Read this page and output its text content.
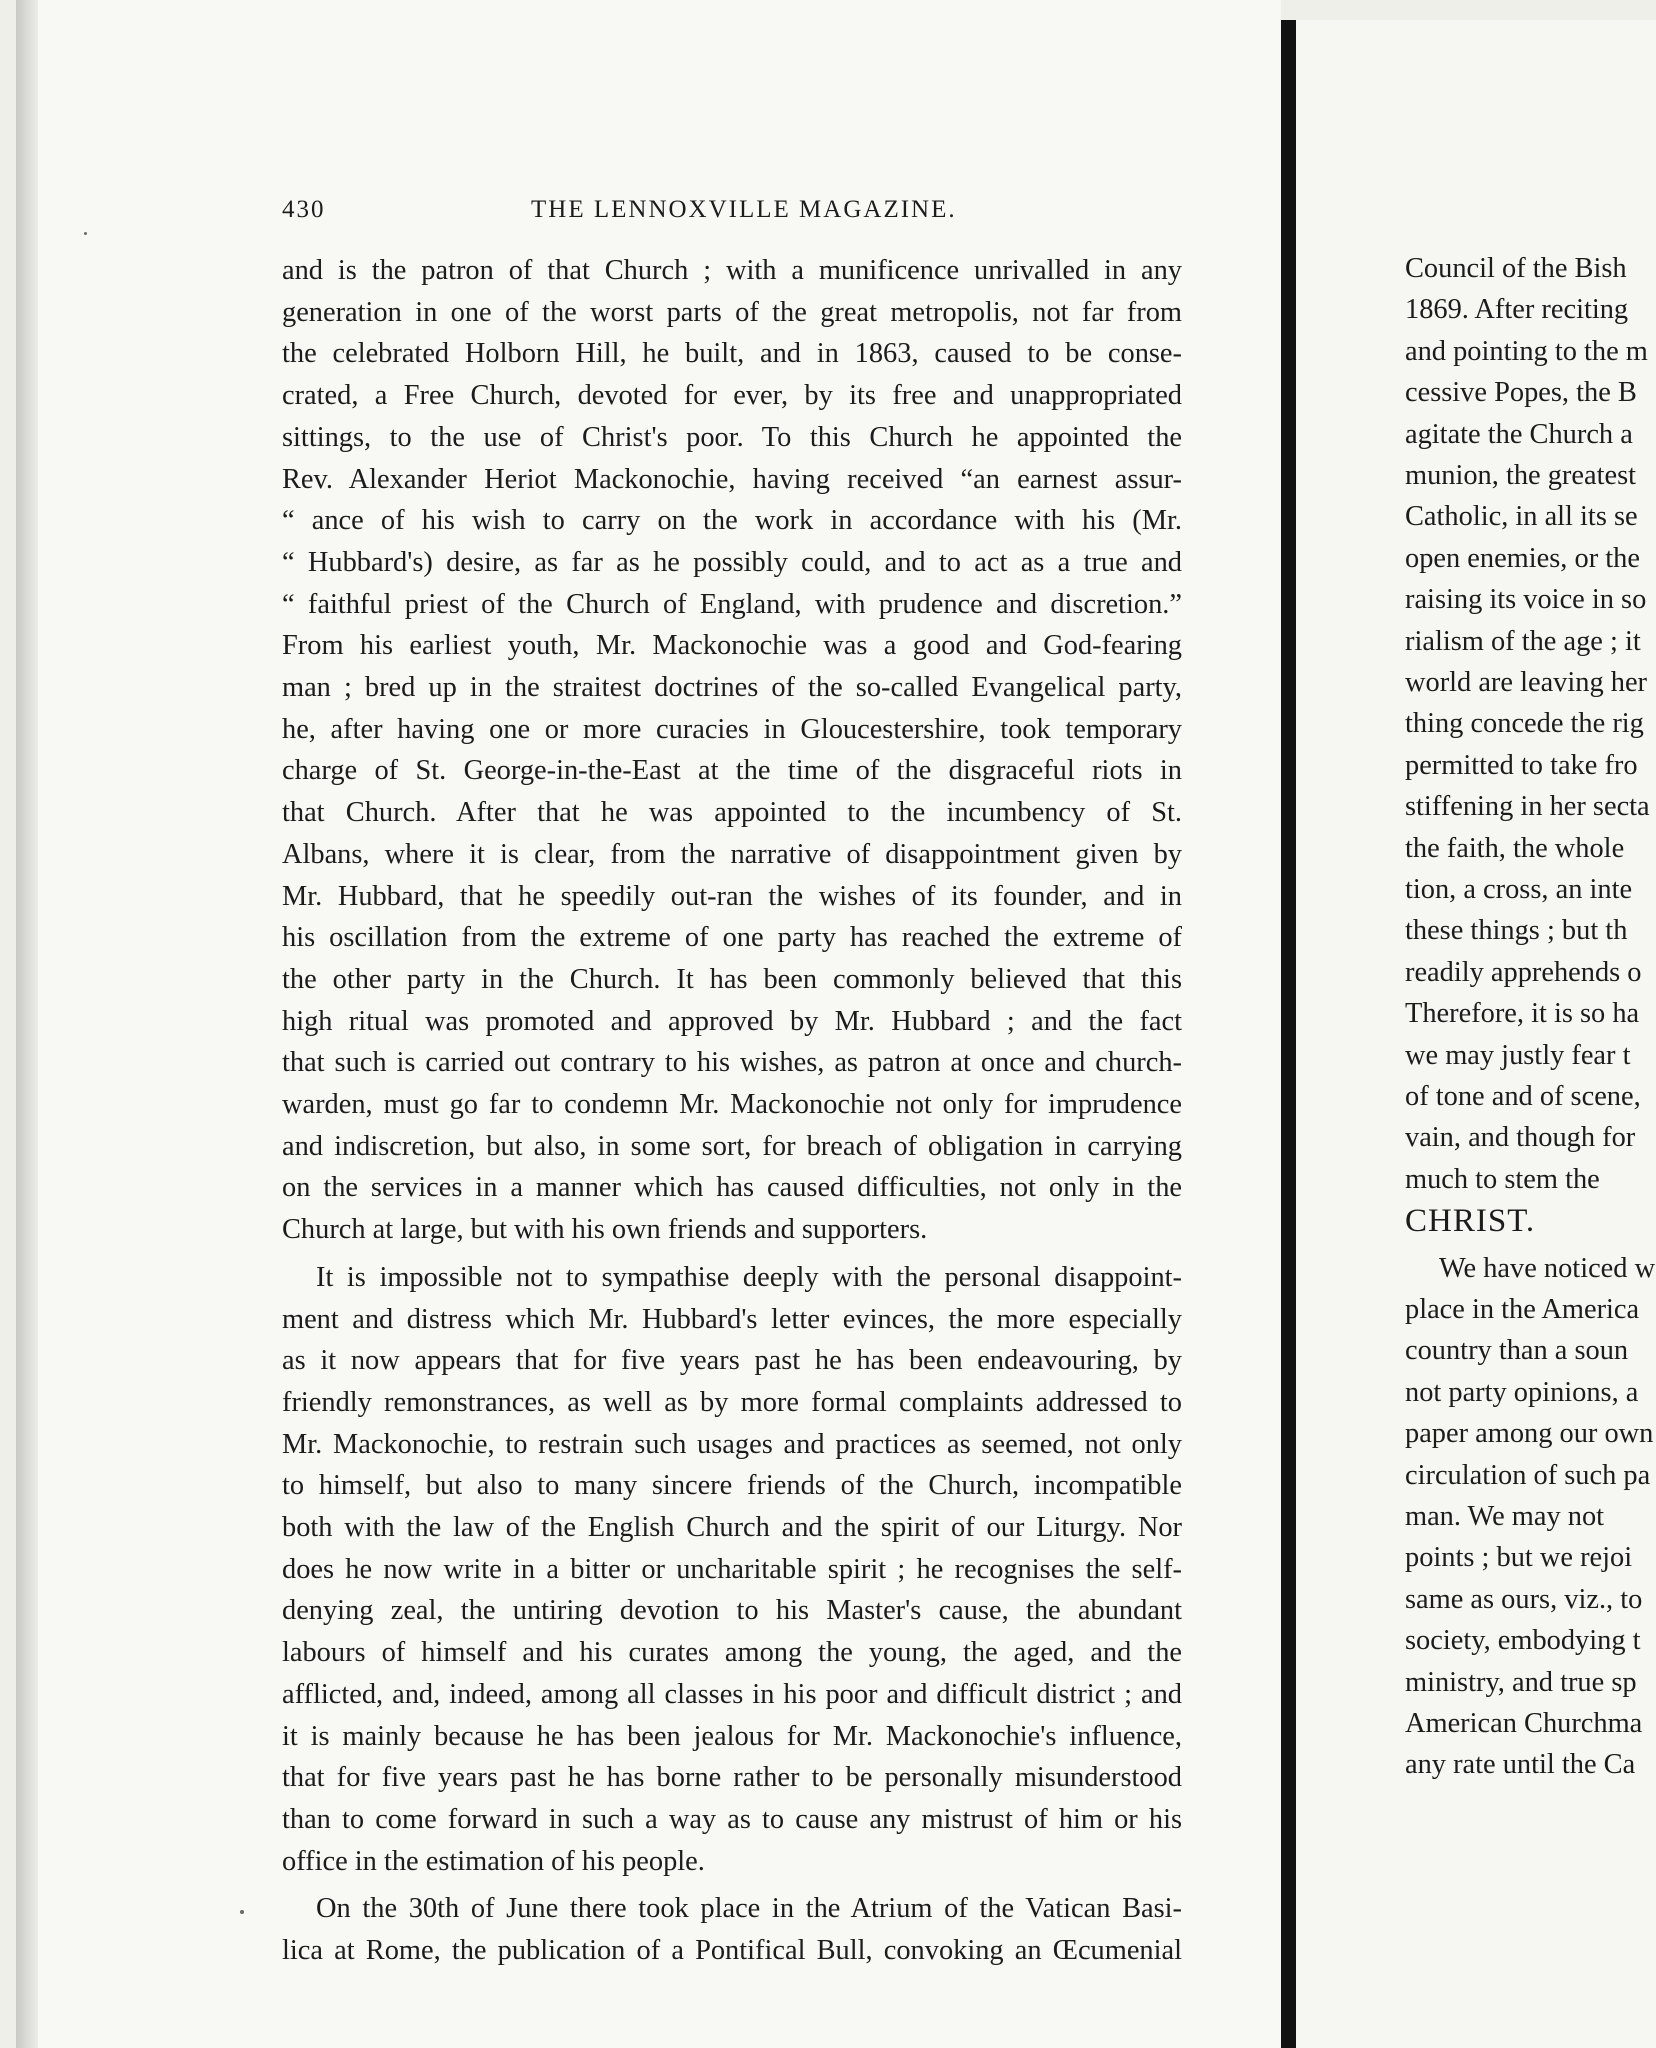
430	THE LENNOXVILLE MAGAZINE.
and is the patron of that Church ; with a munificence unrivalled in any
generation in one of the worst parts of the great metropolis, not far from
the celebrated Holborn Hill, he built, and in 1863, caused to be conse-
crated, a Free Church, devoted for ever, by its free and unappropriated
sittings, to the use of Christ's poor. To this Church he appointed the
Rev. Alexander Heriot Mackonochie, having received “an earnest assur-
“ ance of his wish to carry on the work in accordance with his (Mr.
“ Hubbard's) desire, as far as he possibly could, and to act as a true and
“ faithful priest of the Church of England, with prudence and discretion.”
From his earliest youth, Mr. Mackonochie was a good and God-fearing
man ; bred up in the straitest doctrines of the so-called Evangelical party,
he, after having one or more curacies in Gloucestershire, took temporary
charge of St. George-in-the-East at the time of the disgraceful riots in
that Church. After that he was appointed to the incumbency of St.
Albans, where it is clear, from the narrative of disappointment given by
Mr. Hubbard, that he speedily out-ran the wishes of its founder, and in
his oscillation from the extreme of one party has reached the extreme of
the other party in the Church. It has been commonly believed that this
high ritual was promoted and approved by Mr. Hubbard ; and the fact
that such is carried out contrary to his wishes, as patron at once and church-
warden, must go far to condemn Mr. Mackonochie not only for imprudence
and indiscretion, but also, in some sort, for breach of obligation in carrying
on the services in a manner which has caused difficulties, not only in the
Church at large, but with his own friends and supporters.
It is impossible not to sympathise deeply with the personal disappoint-
ment and distress which Mr. Hubbard's letter evinces, the more especially
as it now appears that for five years past he has been endeavouring, by
friendly remonstrances, as well as by more formal complaints addressed to
Mr. Mackonochie, to restrain such usages and practices as seemed, not only
to himself, but also to many sincere friends of the Church, incompatible
both with the law of the English Church and the spirit of our Liturgy. Nor
does he now write in a bitter or uncharitable spirit ; he recognises the self-
denying zeal, the untiring devotion to his Master's cause, the abundant
labours of himself and his curates among the young, the aged, and the
afflicted, and, indeed, among all classes in his poor and difficult district ; and
it is mainly because he has been jealous for Mr. Mackonochie's influence,
that for five years past he has borne rather to be personally misunderstood
than to come forward in such a way as to cause any mistrust of him or his
office in the estimation of his people.
On the 30th of June there took place in the Atrium of the Vatican Basi-
lica at Rome, the publication of a Pontifical Bull, convoking an Œcumenial
Council of the Bish
1869. After reciting
and pointing to the m
cessive Popes, the B
agitate the Church a
munion, the greatest
Catholic, in all its se
open enemies, or the
raising its voice in so
rialism of the age ; it
world are leaving her
thing concede the rig
permitted to take fro
stiffening in her secta
the faith, the whole
tion, a cross, an inte
these things ; but th
readily apprehends o
Therefore, it is so ha
we may justly fear t
of tone and of scene,
vain, and though for
much to stem the
CHRIST.
We have noticed w
place in the America
country than a soun
not party opinions, a
paper among our own
circulation of such pa
man. We may not
points ; but we rejoi
same as ours, viz., to
society, embodying t
ministry, and true sp
American Churchma
any rate until the Ca
